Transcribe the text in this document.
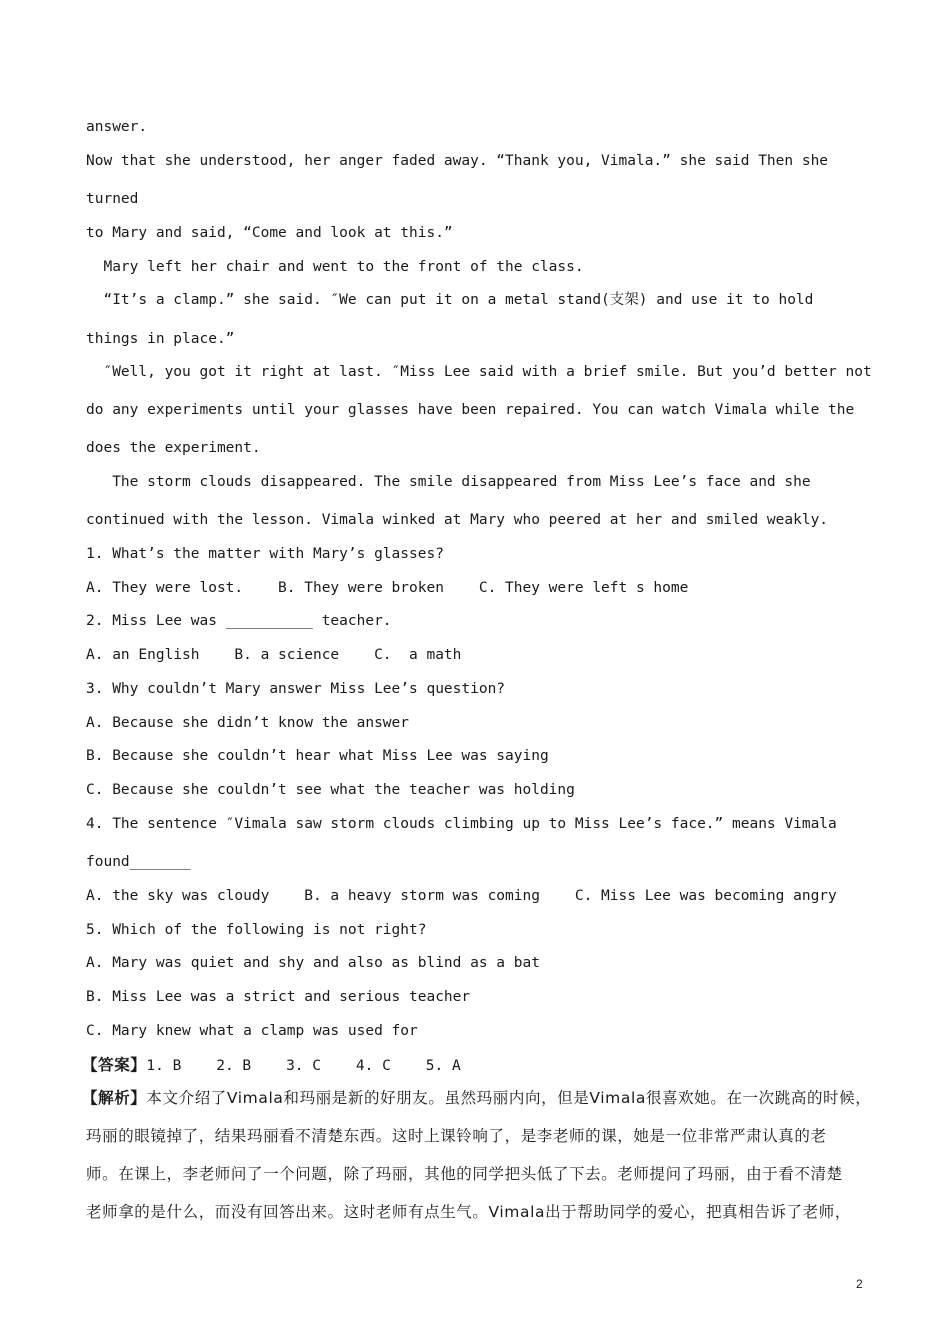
answer.
Now that she understood, her anger faded away. “Thank you, Vimala.” she said Then she
turned
to Mary and said, “Come and look at this.”
Mary left her chair and went to the front of the class.
“It’s a clamp.” she said. ″We can put it on a metal stand(支架) and use it to hold
things in place.”
″Well, you got it right at last. ″Miss Lee said with a brief smile. But you’d better not
do any experiments until your glasses have been repaired. You can watch Vimala while the
does the experiment.
The storm clouds disappeared. The smile disappeared from Miss Lee’s face and she
continued with the lesson. Vimala winked at Mary who peered at her and smiled weakly.
1. What’s the matter with Mary’s glasses?
A. They were lost.    B. They were broken    C. They were left s home
2. Miss Lee was __________ teacher.
A. an English    B. a science    C.  a math
3. Why couldn’t Mary answer Miss Lee’s question?
A. Because she didn’t know the answer
B. Because she couldn’t hear what Miss Lee was saying
C. Because she couldn’t see what the teacher was holding
4. The sentence ″Vimala saw storm clouds climbing up to Miss Lee’s face.” means Vimala
found_______
A. the sky was cloudy    B. a heavy storm was coming    C. Miss Lee was becoming angry
5. Which of the following is not right?
A. Mary was quiet and shy and also as blind as a bat
B. Miss Lee was a strict and serious teacher
C. Mary knew what a clamp was used for
【答案】1. B    2. B    3. C    4. C    5. A
【解析】本文介绍了Vimala和玛丽是新的好朋友。虽然玛丽内向，但是Vimala很喜欢她。在一次跳高的时候，
玛丽的眼镜掉了，结果玛丽看不清楚东西。这时上课铃响了，是李老师的课，她是一位非常严肃认真的老
师。在课上，李老师问了一个问题，除了玛丽，其他的同学把头低了下去。老师提问了玛丽，由于看不清楚
老师拿的是什么，而没有回答出来。这时老师有点生气。Vimala出于帮助同学的爱心，把真相告诉了老师，
2
